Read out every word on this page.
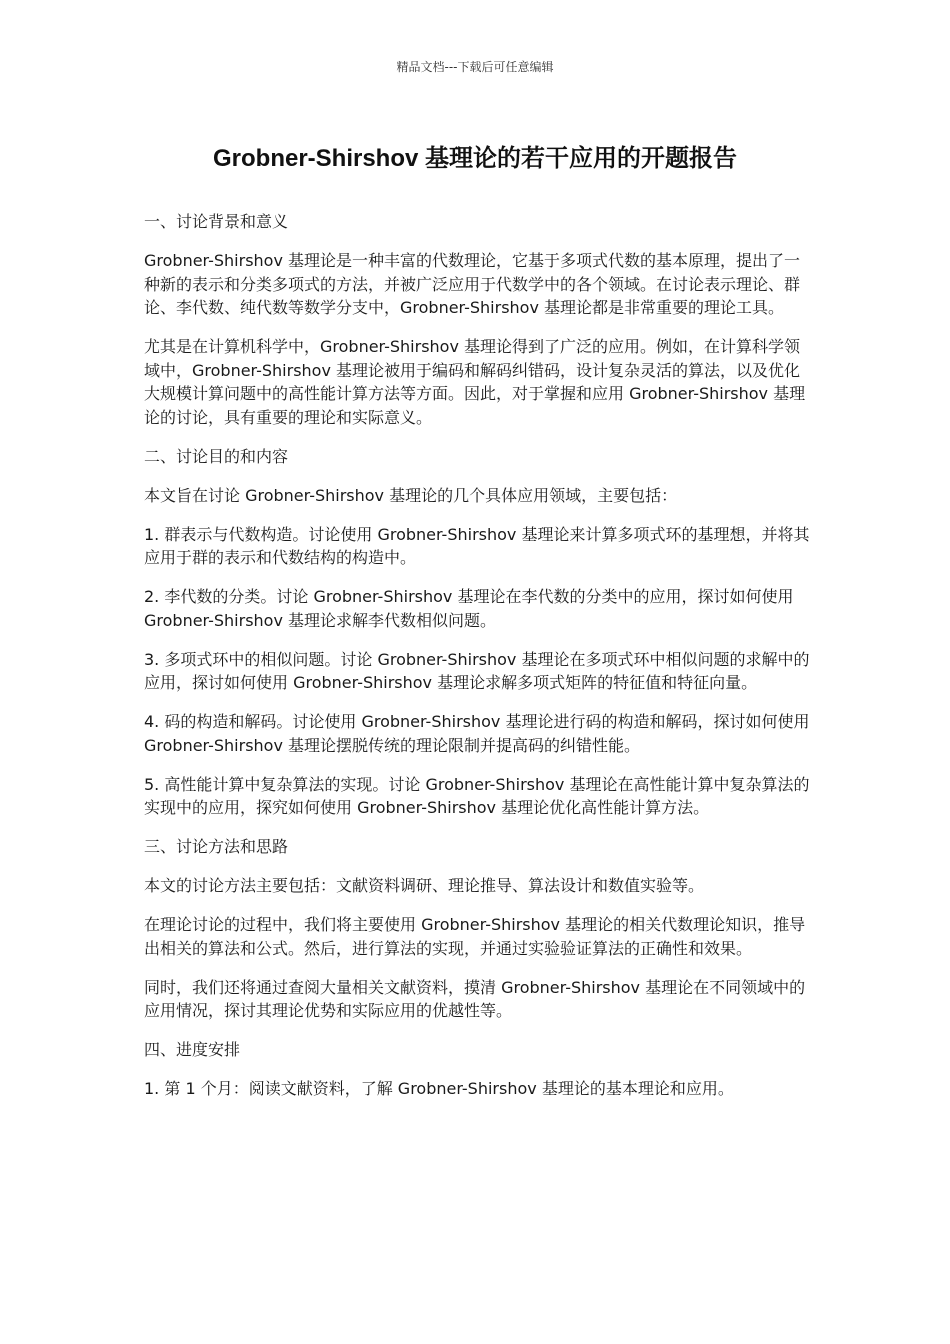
精品文档---下载后可任意编辑
Grobner-Shirshov 基理论的若干应用的开题报告

一、讨论背景和意义

Grobner-Shirshov 基理论是一种丰富的代数理论，它基于多项式代数的基本原理，提出了一种新的表示和分类多项式的方法，并被广泛应用于代数学中的各个领域。在讨论表示理论、群论、李代数、纯代数等数学分支中，Grobner-Shirshov 基理论都是非常重要的理论工具。

尤其是在计算机科学中，Grobner-Shirshov 基理论得到了广泛的应用。例如，在计算科学领域中，Grobner-Shirshov 基理论被用于编码和解码纠错码，设计复杂灵活的算法，以及优化大规模计算问题中的高性能计算方法等方面。因此，对于掌握和应用 Grobner-Shirshov 基理论的讨论，具有重要的理论和实际意义。

二、讨论目的和内容

本文旨在讨论 Grobner-Shirshov 基理论的几个具体应用领域，主要包括：

1. 群表示与代数构造。讨论使用 Grobner-Shirshov 基理论来计算多项式环的基理想，并将其应用于群的表示和代数结构的构造中。

2. 李代数的分类。讨论 Grobner-Shirshov 基理论在李代数的分类中的应用，探讨如何使用 Grobner-Shirshov 基理论求解李代数相似问题。

3. 多项式环中的相似问题。讨论 Grobner-Shirshov 基理论在多项式环中相似问题的求解中的应用，探讨如何使用 Grobner-Shirshov 基理论求解多项式矩阵的特征值和特征向量。

4. 码的构造和解码。讨论使用 Grobner-Shirshov 基理论进行码的构造和解码，探讨如何使用 Grobner-Shirshov 基理论摆脱传统的理论限制并提高码的纠错性能。

5. 高性能计算中复杂算法的实现。讨论 Grobner-Shirshov 基理论在高性能计算中复杂算法的实现中的应用，探究如何使用 Grobner-Shirshov 基理论优化高性能计算方法。

三、讨论方法和思路

本文的讨论方法主要包括：文献资料调研、理论推导、算法设计和数值实验等。

在理论讨论的过程中，我们将主要使用 Grobner-Shirshov 基理论的相关代数理论知识，推导出相关的算法和公式。然后，进行算法的实现，并通过实验验证算法的正确性和效果。

同时，我们还将通过查阅大量相关文献资料，摸清 Grobner-Shirshov 基理论在不同领域中的应用情况，探讨其理论优势和实际应用的优越性等。

四、进度安排

1. 第 1 个月：阅读文献资料，了解 Grobner-Shirshov 基理论的基本理论和应用。
